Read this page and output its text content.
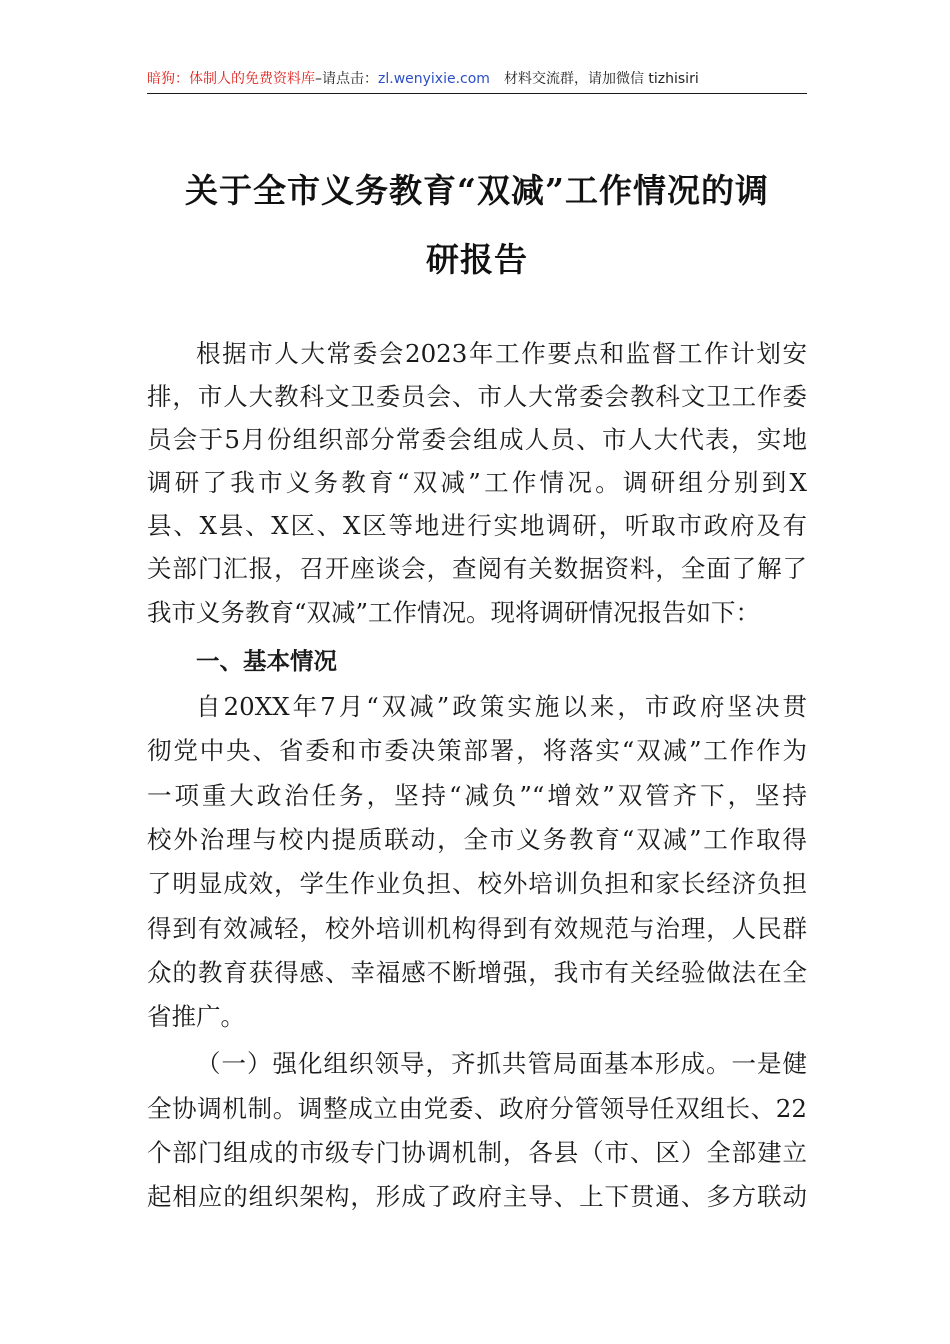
暗狗：体制人的免费资料库–请点击：zl.wenyixie.com 材料交流群，请加微信 tizhisiri
关于全市义务教育“双减”工作情况的调
研报告
根据市人大常委会2023年工作要点和监督工作计划安
排，市人大教科文卫委员会、市人大常委会教科文卫工作委
员会于5月份组织部分常委会组成人员、市人大代表，实地
调研了我市义务教育“双减”工作情况。调研组分别到X
县、X县、X区、X区等地进行实地调研，听取市政府及有
关部门汇报，召开座谈会，查阅有关数据资料，全面了解了
我市义务教育“双减”工作情况。现将调研情况报告如下：
一、基本情况
自20XX年7月“双减”政策实施以来，市政府坚决贯
彻党中央、省委和市委决策部署，将落实“双减”工作作为
一项重大政治任务，坚持“减负”“增效”双管齐下，坚持
校外治理与校内提质联动，全市义务教育“双减”工作取得
了明显成效，学生作业负担、校外培训负担和家长经济负担
得到有效减轻，校外培训机构得到有效规范与治理，人民群
众的教育获得感、幸福感不断增强，我市有关经验做法在全
省推广。
（一）强化组织领导，齐抓共管局面基本形成。一是健
全协调机制。调整成立由党委、政府分管领导任双组长、22
个部门组成的市级专门协调机制，各县（市、区）全部建立
起相应的组织架构，形成了政府主导、上下贯通、多方联动
